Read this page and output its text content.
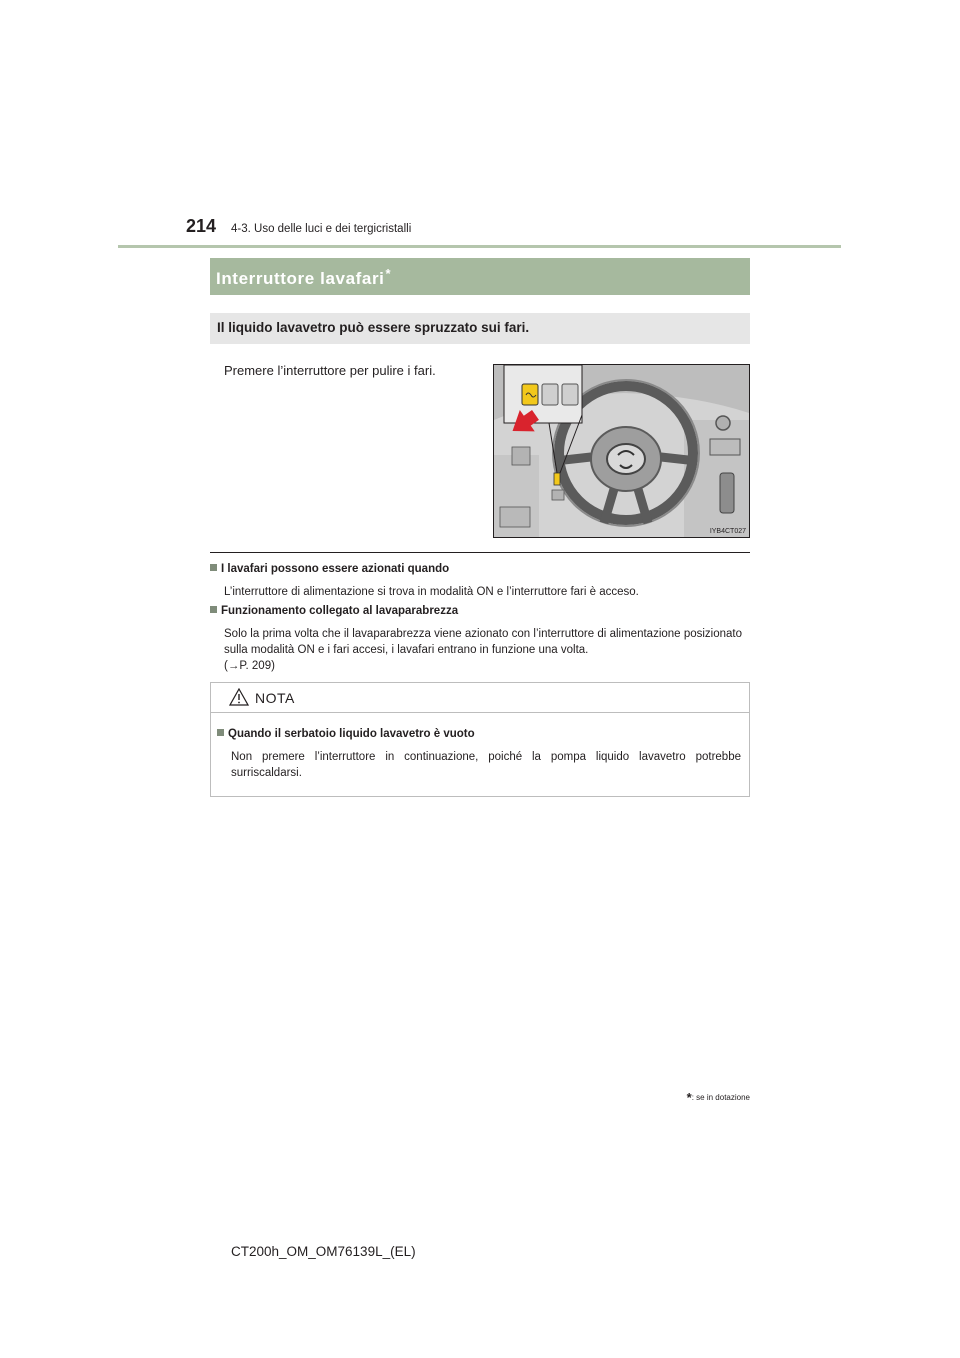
214 4-3. Uso delle luci e dei tergicristalli
Interruttore lavafari*
Il liquido lavavetro può essere spruzzato sui fari.
Premere l’interruttore per pulire i fari.
IYB4CT027
I lavafari possono essere azionati quando
L’interruttore di alimentazione si trova in modalità ON e l’interruttore fari è acceso.
Funzionamento collegato al lavaparabrezza
Solo la prima volta che il lavaparabrezza viene azionato con l’interruttore di alimentazione posizionato sulla modalità ON e i fari accesi, i lavafari entrano in funzione una volta.
(→P. 209)
NOTA
Quando il serbatoio liquido lavavetro è vuoto
Non premere l’interruttore in continuazione, poiché la pompa liquido lavavetro potrebbe surriscaldarsi.
*: se in dotazione
CT200h_OM_OM76139L_(EL)
